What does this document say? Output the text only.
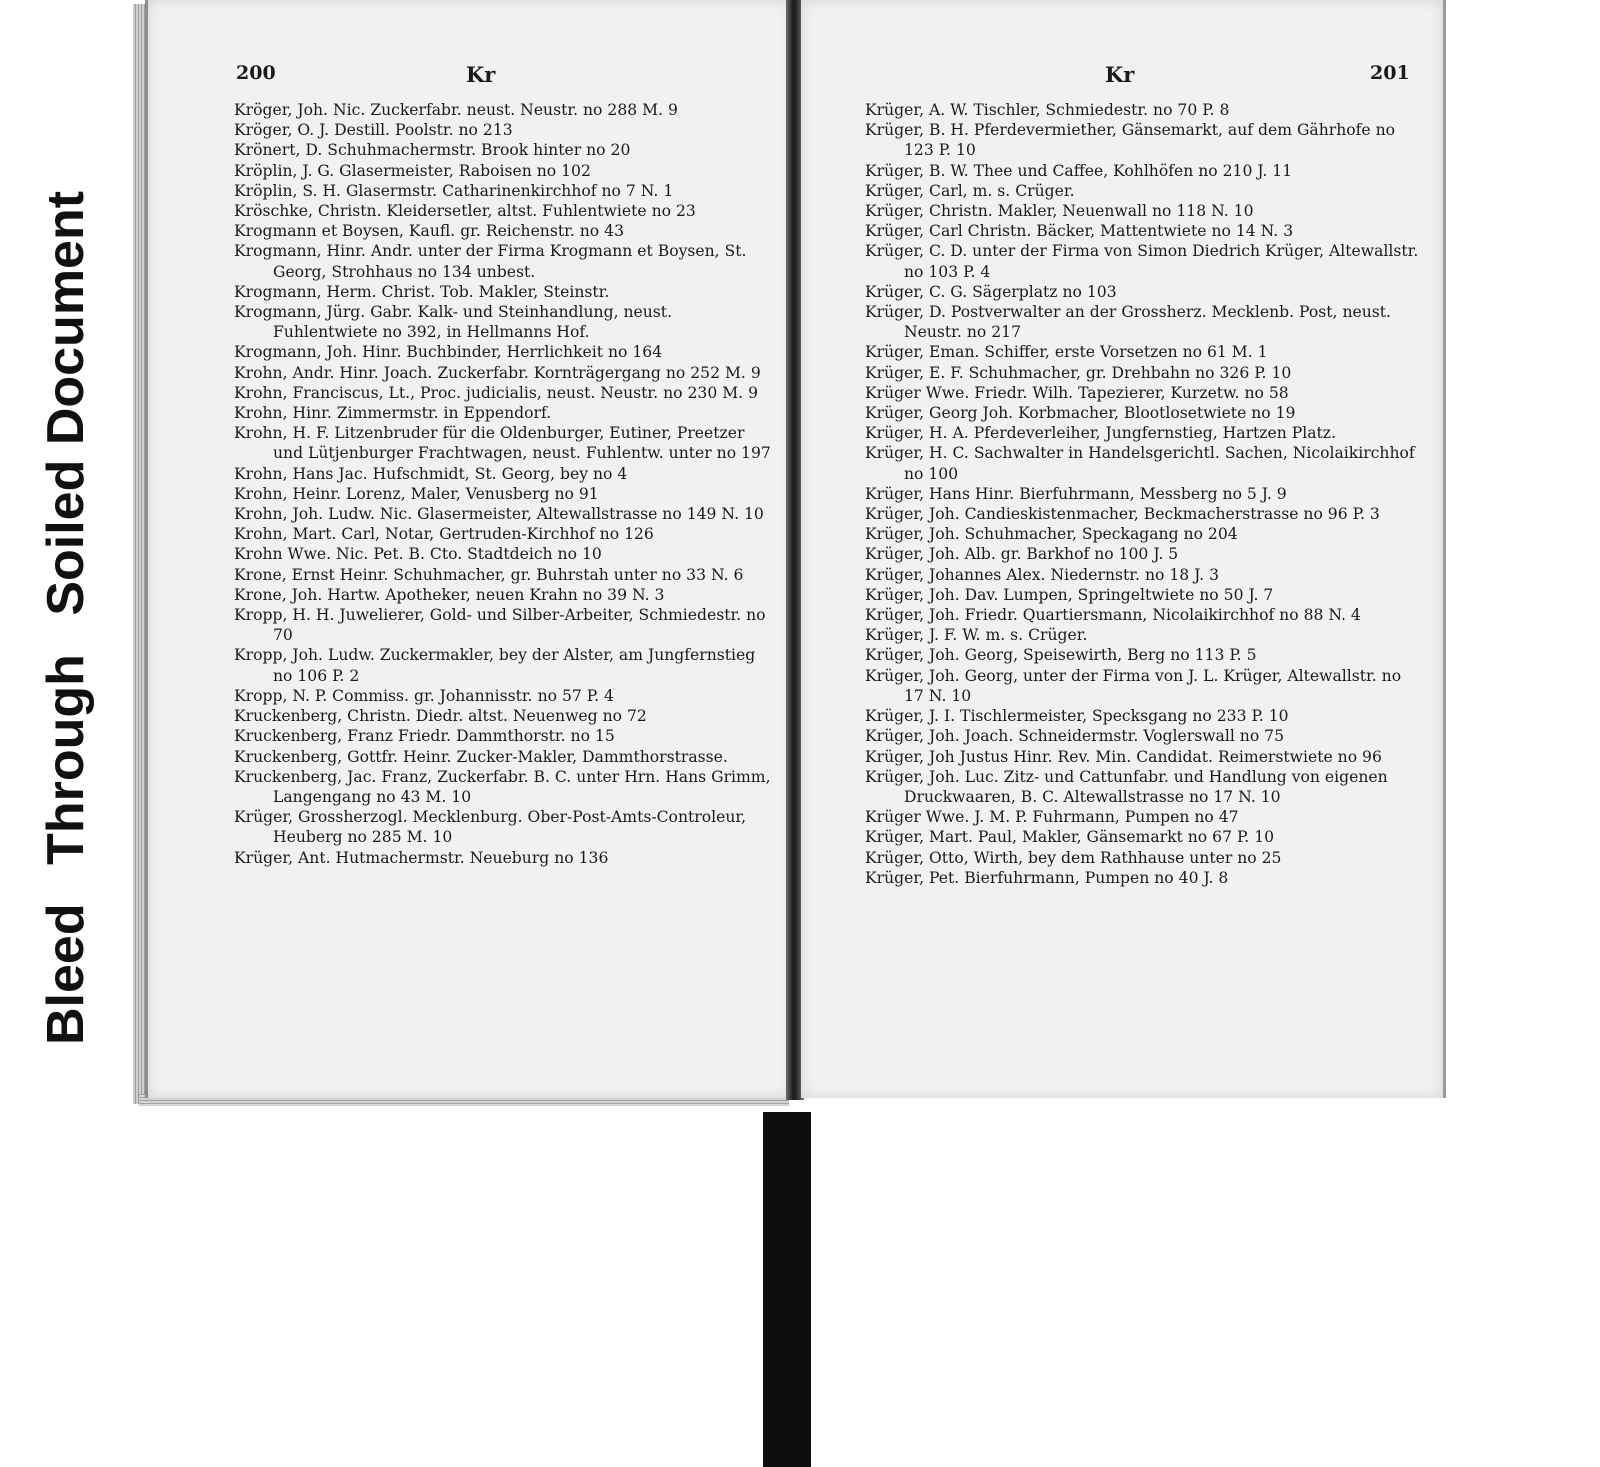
Bleed Through Soiled Document
200	Kr
Kröger, Joh. Nic. Zuckerfabr. neust. Neustr. no 288 M. 9
Kröger, O. J. Destill. Poolstr. no 213
Krönert, D. Schuhmachermstr. Brook hinter no 20
Kröplin, J. G. Glasermeister, Raboisen no 102
Kröplin, S. H. Glasermstr. Catharinenkirchhof no 7 N. 1
Kröschke, Christn. Kleidersetler, altst. Fuhlentwiete no 23
Krogmann et Boysen, Kaufl. gr. Reichenstr. no 43
Krogmann, Hinr. Andr. unter der Firma Krogmann et Boysen, St. Georg, Strohhaus no 134 unbest.
Krogmann, Herm. Christ. Tob. Makler, Steinstr.
Krogmann, Jürg. Gabr. Kalk- und Steinhandlung, neust. Fuhlentwiete no 392, in Hellmanns Hof.
Krogmann, Joh. Hinr. Buchbinder, Herrlichkeit no 164
Krohn, Andr. Hinr. Joach. Zuckerfabr. Kornträgergang no 252 M. 9
Krohn, Franciscus, Lt., Proc. judicialis, neust. Neustr. no 230 M. 9
Krohn, Hinr. Zimmermstr. in Eppendorf.
Krohn, H. F. Litzenbruder für die Oldenburger, Eutiner, Preetzer und Lütjenburger Frachtwagen, neust. Fuhlentw. unter no 197
Krohn, Hans Jac. Hufschmidt, St. Georg, bey no 4
Krohn, Heinr. Lorenz, Maler, Venusberg no 91
Krohn, Joh. Ludw. Nic. Glasermeister, Altewallstrasse no 149 N. 10
Krohn, Mart. Carl, Notar, Gertruden-Kirchhof no 126
Krohn Wwe. Nic. Pet. B. Cto. Stadtdeich no 10
Krone, Ernst Heinr. Schuhmacher, gr. Buhrstah unter no 33 N. 6
Krone, Joh. Hartw. Apotheker, neuen Krahn no 39 N. 3
Kropp, H. H. Juwelierer, Gold- und Silber-Arbeiter, Schmiedestr. no 70
Kropp, Joh. Ludw. Zuckermakler, bey der Alster, am Jungfernstieg no 106 P. 2
Kropp, N. P. Commiss. gr. Johannisstr. no 57 P. 4
Kruckenberg, Christn. Diedr. altst. Neuenweg no 72
Kruckenberg, Franz Friedr. Dammthorstr. no 15
Kruckenberg, Gottfr. Heinr. Zucker-Makler, Dammthorstrasse.
Kruckenberg, Jac. Franz, Zuckerfabr. B. C. unter Hrn. Hans Grimm, Langengang no 43 M. 10
Krüger, Grossherzogl. Mecklenburg. Ober-Post-Amts-Controleur, Heuberg no 285 M. 10
Krüger, Ant. Hutmachermstr. Neueburg no 136
Kr	201
Krüger, A. W. Tischler, Schmiedestr. no 70 P. 8
Krüger, B. H. Pferdevermiether, Gänsemarkt, auf dem Gährhofe no 123 P. 10
Krüger, B. W. Thee und Caffee, Kohlhöfen no 210 J. 11
Krüger, Carl, m. s. Crüger.
Krüger, Christn. Makler, Neuenwall no 118 N. 10
Krüger, Carl Christn. Bäcker, Mattentwiete no 14 N. 3
Krüger, C. D. unter der Firma von Simon Diedrich Krüger, Altewallstr. no 103 P. 4
Krüger, C. G. Sägerplatz no 103
Krüger, D. Postverwalter an der Grossherz. Mecklenb. Post, neust. Neustr. no 217
Krüger, Eman. Schiffer, erste Vorsetzen no 61 M. 1
Krüger, E. F. Schuhmacher, gr. Drehbahn no 326 P. 10
Krüger Wwe. Friedr. Wilh. Tapezierer, Kurzetw. no 58
Krüger, Georg Joh. Korbmacher, Blootlosetwiete no 19
Krüger, H. A. Pferdeverleiher, Jungfernstieg, Hartzen Platz.
Krüger, H. C. Sachwalter in Handelsgerichtl. Sachen, Nicolaikirchhof no 100
Krüger, Hans Hinr. Bierfuhrmann, Messberg no 5 J. 9
Krüger, Joh. Candieskistenmacher, Beckmacherstrasse no 96 P. 3
Krüger, Joh. Schuhmacher, Speckagang no 204
Krüger, Joh. Alb. gr. Barkhof no 100 J. 5
Krüger, Johannes Alex. Niedernstr. no 18 J. 3
Krüger, Joh. Dav. Lumpen, Springeltwiete no 50 J. 7
Krüger, Joh. Friedr. Quartiersmann, Nicolaikirchhof no 88 N. 4
Krüger, J. F. W. m. s. Crüger.
Krüger, Joh. Georg, Speisewirth, Berg no 113 P. 5
Krüger, Joh. Georg, unter der Firma von J. L. Krüger, Altewallstr. no 17 N. 10
Krüger, J. I. Tischlermeister, Specksgang no 233 P. 10
Krüger, Joh. Joach. Schneidermstr. Voglerswall no 75
Krüger, Joh Justus Hinr. Rev. Min. Candidat. Reimerstwiete no 96
Krüger, Joh. Luc. Zitz- und Cattunfabr. und Handlung von eigenen Druckwaaren, B. C. Altewallstrasse no 17 N. 10
Krüger Wwe. J. M. P. Fuhrmann, Pumpen no 47
Krüger, Mart. Paul, Makler, Gänsemarkt no 67 P. 10
Krüger, Otto, Wirth, bey dem Rathhause unter no 25
Krüger, Pet. Bierfuhrmann, Pumpen no 40 J. 8
